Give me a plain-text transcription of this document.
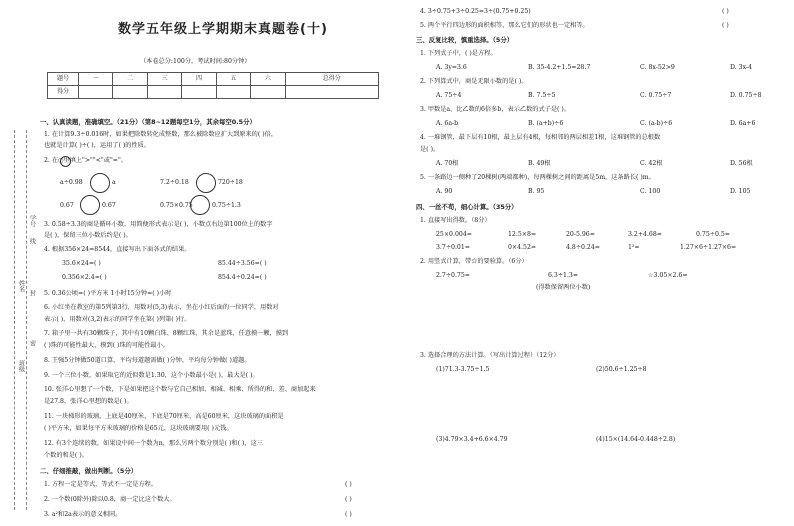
学号
线
封
姓名
密
班级
数学五年级上学期期末真题卷(十)
（本卷总分:100分，考试时间:80分钟）
题号	一	二	三	四	五	六	总得分
得分							
一、认真读题，准确填空。（21分）（第8~12题每空1分，其余每空0.5分）
1. 在计算9.3÷0.016时，如果把除数转化成整数，那么被除数应扩大到原来的( )倍，
也就是计算( )÷( )，运用了( )的性质。
2. 在○里填上">""<"或"="。
a÷0.98	a	7.2÷0.18	720÷18
0.67	0.67	0.75×0.75	0.75÷1.3
3. 0.58÷3.3的商是循环小数，用简便形式表示是( )，小数点右边第100位上的数字
是( )，保留三位小数后约是( )。
4. 根据356×24=8544，直接写出下面各式的结果。
35.6×24=( )	85.44÷3.56=( )
0.356×2.4=( )	854.4÷0.24=( )
5. 0.36公顷=( )平方米 1小时15分钟=( )小时
6. 小红坐在教室的第5列第3行，用数对(5,3)表示，坐在小红后面的一位同学，用数对
表示( )，用数对(3,2)表示的同学坐在第( )列第( )行。
7. 箱子里一共有30颗珠子，其中有10颗白珠、8颗红珠，其余是蓝珠，任意摸一颗，摸到
( )珠的可能性最大，摸到( )珠的可能性最小。
8. 王强5分钟做50道口算，平均每道题需做( )分钟，平均每分钟做( )道题。
9. 一个三位小数，如果取它的近似数是1.30，这个小数最小是( )，最大是( )。
10. 张洋心里想了一个数，下是如果把这个数与它自己相加、相减、相乘、所得的和、差、商加起来
是27.8，张洋心里想的数是( )。
11. 一块梯形的玻璃，上底是40厘米，下底是70厘米，高是60厘米，这块玻璃的面积是
( )平方米，如果每平方米玻璃的价格是65元，这块玻璃要用( )元钱。
12. 有3个连续的数，如果设中间一个数为n，那么另两个数分别是( )和( )，这三
个数的和是( )。
二、仔细推敲，做出判断。（5分）
1. 方程一定是等式，等式不一定是方程。	( )
2. 一个数(0除外)除以0.8，商一定比这个数大。	( )
3. a²和2a表示的意义相同。	( )
4. 3÷0.75+3÷0.25=3÷(0.75+0.25)	( )
5. 两个平行四边形的面积相等，那么它们的形状也一定相等。	( )
三、反复比较，慎重选择。（5分）
1. 下列式子中，( )是方程。
A. 3y=3.6	B. 35-4.2+1.5=28.7	C. 8x-52>9	D. 3x-4
2. 下列算式中，商是无限小数的是( )。
A. 75÷4	B. 7.5÷5	C. 0.75÷7	D. 0.75÷8
3. 甲数是a，比乙数的6倍多b，表示乙数的式子是( )。
A. 6a-b	B. (a+b)÷6	C. (a-b)÷6	D. 6a+6
4. 一堆钢管，最下层有10根，最上层有4根，每相邻的两层相差1根，这堆钢管的总根数
是( )。
A. 70根	B. 49根	C. 42根	D. 56根
5. 一条路边一侧种了20棵树(两端都种)，每两棵树之间的距离是5m，这条路长( )m。
A. 90	B. 95	C. 100	D. 105
四、一丝不苟，细心计算。（35分）
1. 直接写出得数。（8分）
25×0.004=	12.5×8=	20-5.96=	3.2+4.68=	0.75÷0.5=
3.7÷0.01=	0×4.52=	4.8÷0.24=	1²=	1.27×6÷1.27×6=
2. 用竖式计算，带☆的要验算。（6分）
2.7÷0.75=	6.3÷1.3≈	☆3.05×2.6=
(得数保留两位小数)
3. 选择合理的方法计算。（写出计算过程）（12分）
(1)71.3-3.75÷1.5	(2)50.6÷1.25÷8
(3)4.79×3.4+6.6×4.79	(4)15×(14.64-0.448÷2.8)
